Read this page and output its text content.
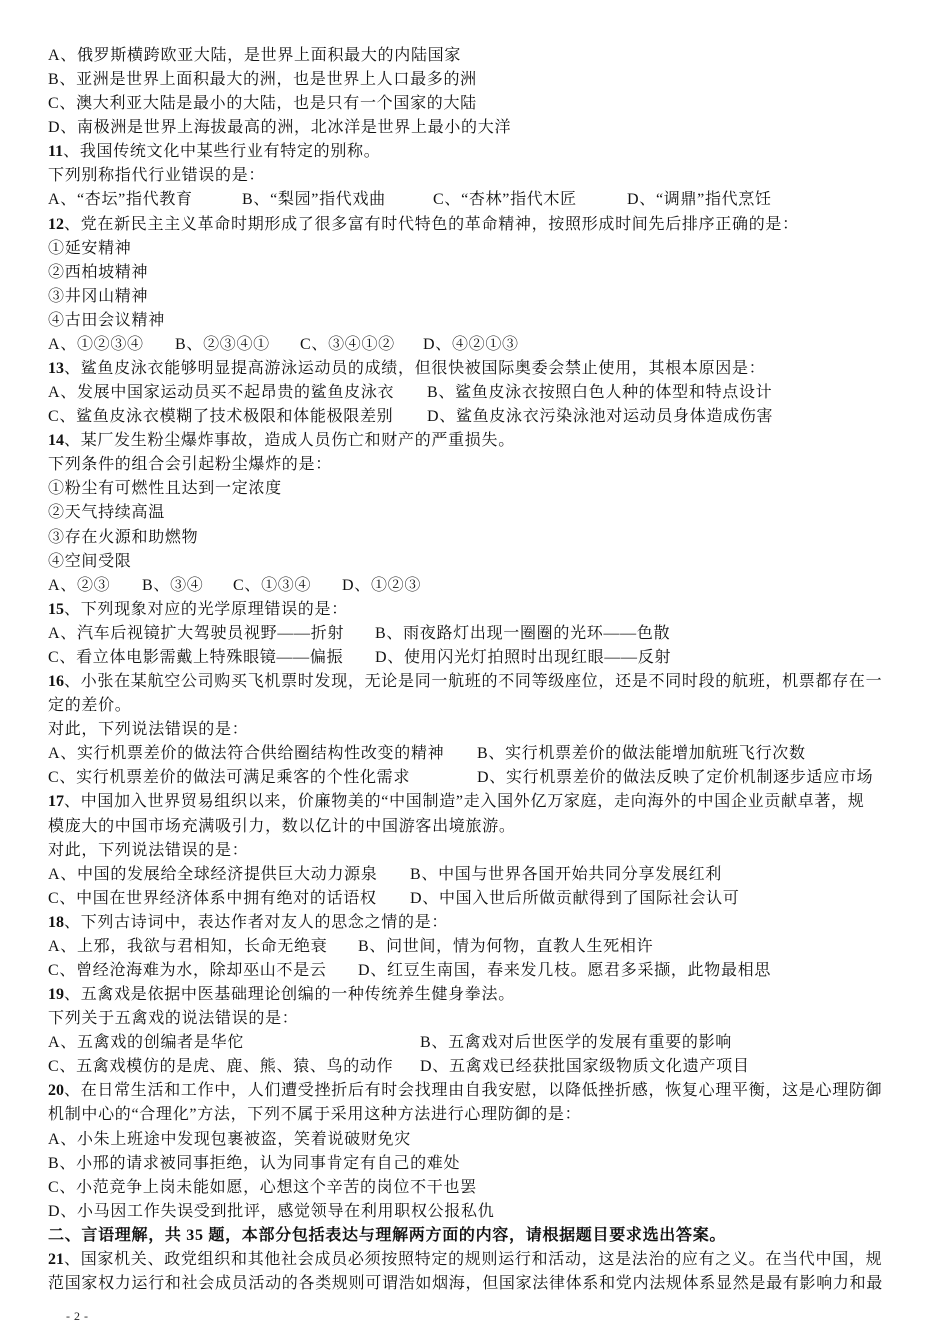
A、俄罗斯横跨欧亚大陆，是世界上面积最大的内陆国家
B、亚洲是世界上面积最大的洲，也是世界上人口最多的洲
C、澳大利亚大陆是最小的大陆，也是只有一个国家的大陆
D、南极洲是世界上海拔最高的洲，北冰洋是世界上最小的大洋
11、我国传统文化中某些行业有特定的别称。
下列别称指代行业错误的是：
A、“杏坛”指代教育	B、“梨园”指代戏曲	C、“杏林”指代木匠	D、“调鼎”指代烹饪
12、党在新民主主义革命时期形成了很多富有时代特色的革命精神，按照形成时间先后排序正确的是：
①延安精神
②西柏坡精神
③井冈山精神
④古田会议精神
A、①②③④ B、②③④① C、③④①② D、④②①③
13、鲨鱼皮泳衣能够明显提高游泳运动员的成绩，但很快被国际奥委会禁止使用，其根本原因是：
A、发展中国家运动员买不起昂贵的鲨鱼皮泳衣 B、鲨鱼皮泳衣按照白色人种的体型和特点设计
C、鲨鱼皮泳衣模糊了技术极限和体能极限差别 D、鲨鱼皮泳衣污染泳池对运动员身体造成伤害
14、某厂发生粉尘爆炸事故，造成人员伤亡和财产的严重损失。
下列条件的组合会引起粉尘爆炸的是：
①粉尘有可燃性且达到一定浓度
②天气持续高温
③存在火源和助燃物
④空间受限
A、②③ B、③④ C、①③④ D、①②③
15、下列现象对应的光学原理错误的是：
A、汽车后视镜扩大驾驶员视野——折射 B、雨夜路灯出现一圈圈的光环——色散
C、看立体电影需戴上特殊眼镜——偏振 D、使用闪光灯拍照时出现红眼——反射
16、小张在某航空公司购买飞机票时发现，无论是同一航班的不同等级座位，还是不同时段的航班，机票都存在一
定的差价。
对此，下列说法错误的是：
A、实行机票差价的做法符合供给圈结构性改变的精神 B、实行机票差价的做法能增加航班飞行次数
C、实行机票差价的做法可满足乘客的个性化需求	D、实行机票差价的做法反映了定价机制逐步适应市场
17、中国加入世界贸易组织以来，价廉物美的“中国制造”走入国外亿万家庭，走向海外的中国企业贡献卓著，规
模庞大的中国市场充满吸引力，数以亿计的中国游客出境旅游。
对此，下列说法错误的是：
A、中国的发展给全球经济提供巨大动力源泉 B、中国与世界各国开始共同分享发展红利
C、中国在世界经济体系中拥有绝对的话语权 D、中国入世后所做贡献得到了国际社会认可
18、下列古诗词中，表达作者对友人的思念之情的是：
A、上邪，我欲与君相知，长命无绝衰 B、问世间，情为何物，直教人生死相许
C、曾经沧海难为水，除却巫山不是云 D、红豆生南国，春来发几枝。愿君多采撷，此物最相思
19、五禽戏是依据中医基础理论创编的一种传统养生健身拳法。
下列关于五禽戏的说法错误的是：
A、五禽戏的创编者是华佗	B、五禽戏对后世医学的发展有重要的影响
C、五禽戏模仿的是虎、鹿、熊、猿、鸟的动作 D、五禽戏已经获批国家级物质文化遗产项目
20、在日常生活和工作中，人们遭受挫折后有时会找理由自我安慰，以降低挫折感，恢复心理平衡，这是心理防御
机制中心的“合理化”方法，下列不属于采用这种方法进行心理防御的是：
A、小朱上班途中发现包裹被盗，笑着说破财免灾
B、小邢的请求被同事拒绝，认为同事肯定有自己的难处
C、小范竞争上岗未能如愿，心想这个辛苦的岗位不干也罢
D、小马因工作失误受到批评，感觉领导在利用职权公报私仇
二、言语理解，共 35 题，本部分包括表达与理解两方面的内容，请根据题目要求选出答案。
21、国家机关、政党组织和其他社会成员必须按照特定的规则运行和活动，这是法治的应有之义。在当代中国，规
范国家权力运行和社会成员活动的各类规则可谓浩如烟海，但国家法律体系和党内法规体系显然是最有影响力和最
- 2 -
